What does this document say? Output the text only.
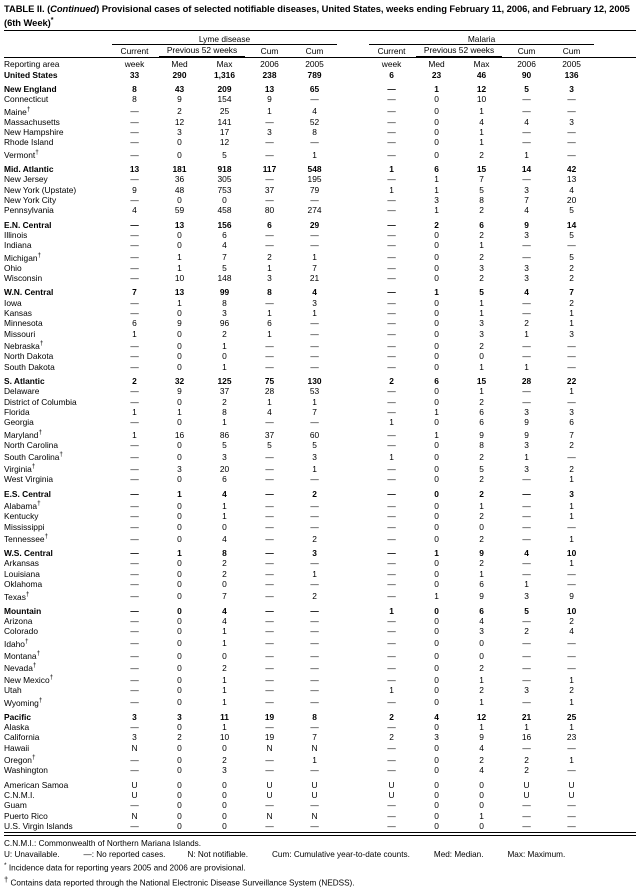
TABLE II. (Continued) Provisional cases of selected notifiable diseases, United States, weeks ending February 11, 2006, and February 12, 2005 (6th Week)*

	Lyme disease						Malaria					

	Current	Previous 52 weeks		Cum	Cum		Current	Previous 52 weeks		Cum	Cum	
Reporting area	week	Med	Max	2006	2005		week	Med	Max	2006	2005	
United States	33	290	1,316	238	789		6	23	46	90	136	

New England	8	43	209	13	65		—	1	12	5	3	
Connecticut	8	9	154	9	—		—	0	10	—	—	
Maine†	—	2	25	1	4		—	0	1	—	—	
Massachusetts	—	12	141	—	52		—	0	4	4	3	
New Hampshire	—	3	17	3	8		—	0	1	—	—	
Rhode Island	—	0	12	—	—		—	0	1	—	—	
Vermont†	—	0	5	—	1		—	0	2	1	—	

Mid. Atlantic	13	181	918	117	548		1	6	15	14	42	
New Jersey	—	36	305	—	195		—	1	7	—	13	
New York (Upstate)	9	48	753	37	79		1	1	5	3	4	
New York City	—	0	0	—	—		—	3	8	7	20	
Pennsylvania	4	59	458	80	274		—	1	2	4	5	

E.N. Central	—	13	156	6	29		—	2	6	9	14	
Illinois	—	0	6	—	—		—	0	2	3	5	
Indiana	—	0	4	—	—		—	0	1	—	—	
Michigan†	—	1	7	2	1		—	0	2	—	5	
Ohio	—	1	5	1	7		—	0	3	3	2	
Wisconsin	—	10	148	3	21		—	0	2	3	2	

W.N. Central	7	13	99	8	4		—	1	5	4	7	
Iowa	—	1	8	—	3		—	0	1	—	2	
Kansas	—	0	3	1	1		—	0	1	—	1	
Minnesota	6	9	96	6	—		—	0	3	2	1	
Missouri	1	0	2	1	—		—	0	3	1	3	
Nebraska†	—	0	1	—	—		—	0	2	—	—	
North Dakota	—	0	0	—	—		—	0	0	—	—	
South Dakota	—	0	1	—	—		—	0	1	1	—	

S. Atlantic	2	32	125	75	130		2	6	15	28	22	
Delaware	—	9	37	28	53		—	0	1	—	1	
District of Columbia	—	0	2	1	1		—	0	2	—	—	
Florida	1	1	8	4	7		—	1	6	3	3	
Georgia	—	0	1	—	—		1	0	6	9	6	
Maryland†	1	16	86	37	60		—	1	9	9	7	
North Carolina	—	0	5	5	5		—	0	8	3	2	
South Carolina†	—	0	3	—	3		1	0	2	1	—	
Virginia†	—	3	20	—	1		—	0	5	3	2	
West Virginia	—	0	6	—	—		—	0	2	—	1	

E.S. Central	—	1	4	—	2		—	0	2	—	3	
Alabama†	—	0	1	—	—		—	0	1	—	1	
Kentucky	—	0	1	—	—		—	0	2	—	1	
Mississippi	—	0	0	—	—		—	0	0	—	—	
Tennessee†	—	0	4	—	2		—	0	2	—	1	

W.S. Central	—	1	8	—	3		—	1	9	4	10	
Arkansas	—	0	2	—	—		—	0	2	—	1	
Louisiana	—	0	2	—	1		—	0	1	—	—	
Oklahoma	—	0	0	—	—		—	0	6	1	—	
Texas†	—	0	7	—	2		—	1	9	3	9	

Mountain	—	0	4	—	—		1	0	6	5	10	
Arizona	—	0	4	—	—		—	0	4	—	2	
Colorado	—	0	1	—	—		—	0	3	2	4	
Idaho†	—	0	1	—	—		—	0	0	—	—	
Montana†	—	0	0	—	—		—	0	0	—	—	
Nevada†	—	0	2	—	—		—	0	2	—	—	
New Mexico†	—	0	1	—	—		—	0	1	—	1	
Utah	—	0	1	—	—		1	0	2	3	2	
Wyoming†	—	0	1	—	—		—	0	1	—	1	

Pacific	3	3	11	19	8		2	4	12	21	25	
Alaska	—	0	1	—	—		—	0	1	1	1	
California	3	2	10	19	7		2	3	9	16	23	
Hawaii	N	0	0	N	N		—	0	4	—	—	
Oregon†	—	0	2	—	1		—	0	2	2	1	
Washington	—	0	3	—	—		—	0	4	2	—	

American Samoa	U	0	0	U	U		U	0	0	U	U	
C.N.M.I.	U	0	0	U	U		U	0	0	U	U	
Guam	—	0	0	—	—		—	0	0	—	—	
Puerto Rico	N	0	0	N	N		—	0	1	—	—	
U.S. Virgin Islands	—	0	0	—	—		—	0	0	—	—	
C.N.M.I.: Commonwealth of Northern Mariana Islands.
U: Unavailable.	—: No reported cases.	N: Not notifiable.	Cum: Cumulative year-to-date counts.	Med: Median.	Max: Maximum.
* Incidence data for reporting years 2005 and 2006 are provisional.
† Contains data reported through the National Electronic Disease Surveillance System (NEDSS).
